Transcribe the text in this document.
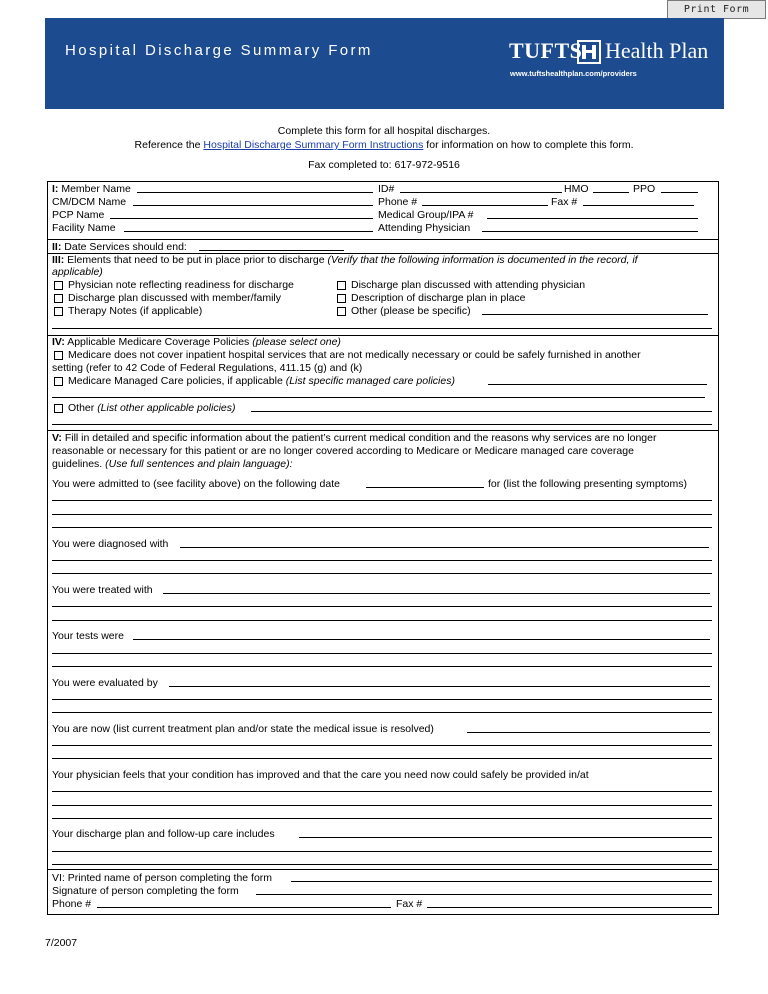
Print Form
Hospital Discharge Summary Form	TUFTS Health Plan
www.tuftshealthplan.com/providers
Complete this form for all hospital discharges.
Reference the Hospital Discharge Summary Form Instructions for information on how to complete this form.
Fax completed to: 617-972-9516
I: Member Name	ID#	HMO	PPO
CM/DCM Name	Phone #	Fax #
PCP Name	Medical Group/IPA #
Facility Name	Attending Physician
II: Date Services should end:
III: Elements that need to be put in place prior to discharge (Verify that the following information is documented in the record, if
applicable)
Physician note reflecting readiness for discharge
Discharge plan discussed with member/family
Therapy Notes (if applicable)
Discharge plan discussed with attending physician
Description of discharge plan in place
Other (please be specific)
IV: Applicable Medicare Coverage Policies (please select one)
Medicare does not cover inpatient hospital services that are not medically necessary or could be safely furnished in another
setting (refer to 42 Code of Federal Regulations, 411.15 (g) and (k)
Medicare Managed Care policies, if applicable (List specific managed care policies)
Other (List other applicable policies)
V: Fill in detailed and specific information about the patient’s current medical condition and the reasons why services are no longer
reasonable or necessary for this patient or are no longer covered according to Medicare or Medicare managed care coverage
guidelines. (Use full sentences and plain language):
You were admitted to (see facility above) on the following date	for (list the following presenting symptoms)
You were diagnosed with
You were treated with
Your tests were
You were evaluated by
You are now (list current treatment plan and/or state the medical issue is resolved)
Your physician feels that your condition has improved and that the care you need now could safely be provided in/at
Your discharge plan and follow-up care includes
VI: Printed name of person completing the form
Signature of person completing the form
Phone #	Fax #
7/2007
